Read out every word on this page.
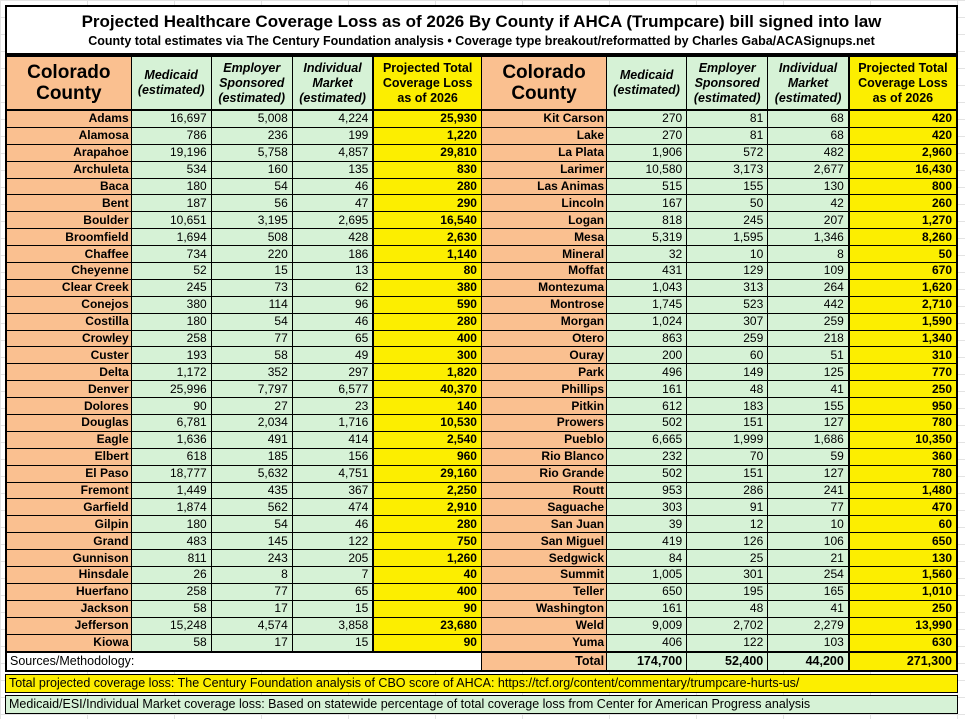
Projected Healthcare Coverage Loss as of 2026 By County if AHCA (Trumpcare) bill signed into law
County total estimates via The Century Foundation analysis • Coverage type breakout/reformatted by Charles Gaba/ACASignups.net
Colorado County	Medicaid (estimated)	Employer Sponsored (estimated)	Individual Market (estimated)	Projected Total Coverage Loss as of 2026	Colorado County	Medicaid (estimated)	Employer Sponsored (estimated)	Individual Market (estimated)	Projected Total Coverage Loss as of 2026
Adams	16,697	5,008	4,224	25,930	Kit Carson	270	81	68	420
Alamosa	786	236	199	1,220	Lake	270	81	68	420
Arapahoe	19,196	5,758	4,857	29,810	La Plata	1,906	572	482	2,960
Archuleta	534	160	135	830	Larimer	10,580	3,173	2,677	16,430
Baca	180	54	46	280	Las Animas	515	155	130	800
Bent	187	56	47	290	Lincoln	167	50	42	260
Boulder	10,651	3,195	2,695	16,540	Logan	818	245	207	1,270
Broomfield	1,694	508	428	2,630	Mesa	5,319	1,595	1,346	8,260
Chaffee	734	220	186	1,140	Mineral	32	10	8	50
Cheyenne	52	15	13	80	Moffat	431	129	109	670
Clear Creek	245	73	62	380	Montezuma	1,043	313	264	1,620
Conejos	380	114	96	590	Montrose	1,745	523	442	2,710
Costilla	180	54	46	280	Morgan	1,024	307	259	1,590
Crowley	258	77	65	400	Otero	863	259	218	1,340
Custer	193	58	49	300	Ouray	200	60	51	310
Delta	1,172	352	297	1,820	Park	496	149	125	770
Denver	25,996	7,797	6,577	40,370	Phillips	161	48	41	250
Dolores	90	27	23	140	Pitkin	612	183	155	950
Douglas	6,781	2,034	1,716	10,530	Prowers	502	151	127	780
Eagle	1,636	491	414	2,540	Pueblo	6,665	1,999	1,686	10,350
Elbert	618	185	156	960	Rio Blanco	232	70	59	360
El Paso	18,777	5,632	4,751	29,160	Rio Grande	502	151	127	780
Fremont	1,449	435	367	2,250	Routt	953	286	241	1,480
Garfield	1,874	562	474	2,910	Saguache	303	91	77	470
Gilpin	180	54	46	280	San Juan	39	12	10	60
Grand	483	145	122	750	San Miguel	419	126	106	650
Gunnison	811	243	205	1,260	Sedgwick	84	25	21	130
Hinsdale	26	8	7	40	Summit	1,005	301	254	1,560
Huerfano	258	77	65	400	Teller	650	195	165	1,010
Jackson	58	17	15	90	Washington	161	48	41	250
Jefferson	15,248	4,574	3,858	23,680	Weld	9,009	2,702	2,279	13,990
Kiowa	58	17	15	90	Yuma	406	122	103	630
Sources/Methodology:					Total	174,700	52,400	44,200	271,300
Total projected coverage loss: The Century Foundation analysis of CBO score of AHCA: https://tcf.org/content/commentary/trumpcare-hurts-us/
Medicaid/ESI/Individual Market coverage loss: Based on statewide percentage of total coverage loss from Center for American Progress analysis
